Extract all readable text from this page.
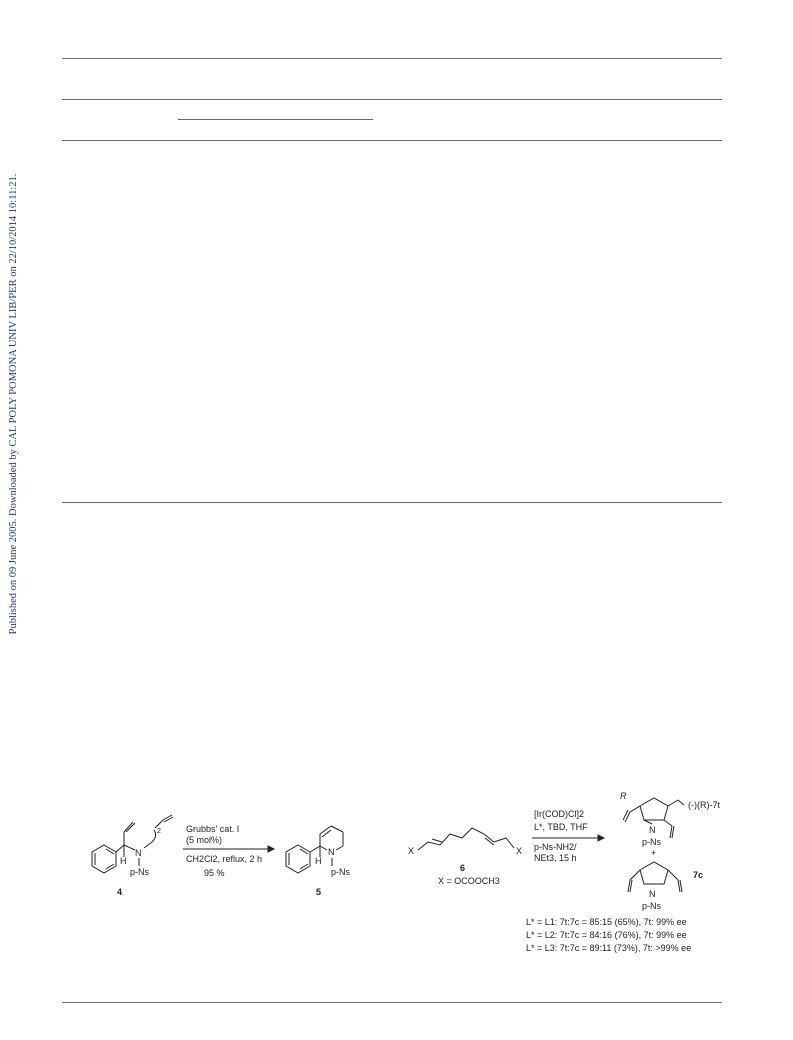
Published on 09 June 2005. Downloaded by CAL POLY POMONA UNIV LIB/PER on 22/10/2014 10:11:21.
H
N
2
p-Ns
4
Grubbs' cat. I
(5 mol%)
CH2Cl2, reflux, 2 h
95 %
H
N
p-Ns
5
X	X
6
X = OCOOCH3
[Ir(COD)Cl]2
L*, TBD, THF
p-Ns-NH2/
NEt3, 15 h
R
N
p-Ns
(-)(R)-7t
+
N
p-Ns
7c
L* = L1: 7t:7c = 85:15 (65%), 7t: 99% ee
L* = L2: 7t:7c = 84:16 (76%), 7t: 99% ee
L* = L3: 7t:7c = 89:11 (73%), 7t: >99% ee
